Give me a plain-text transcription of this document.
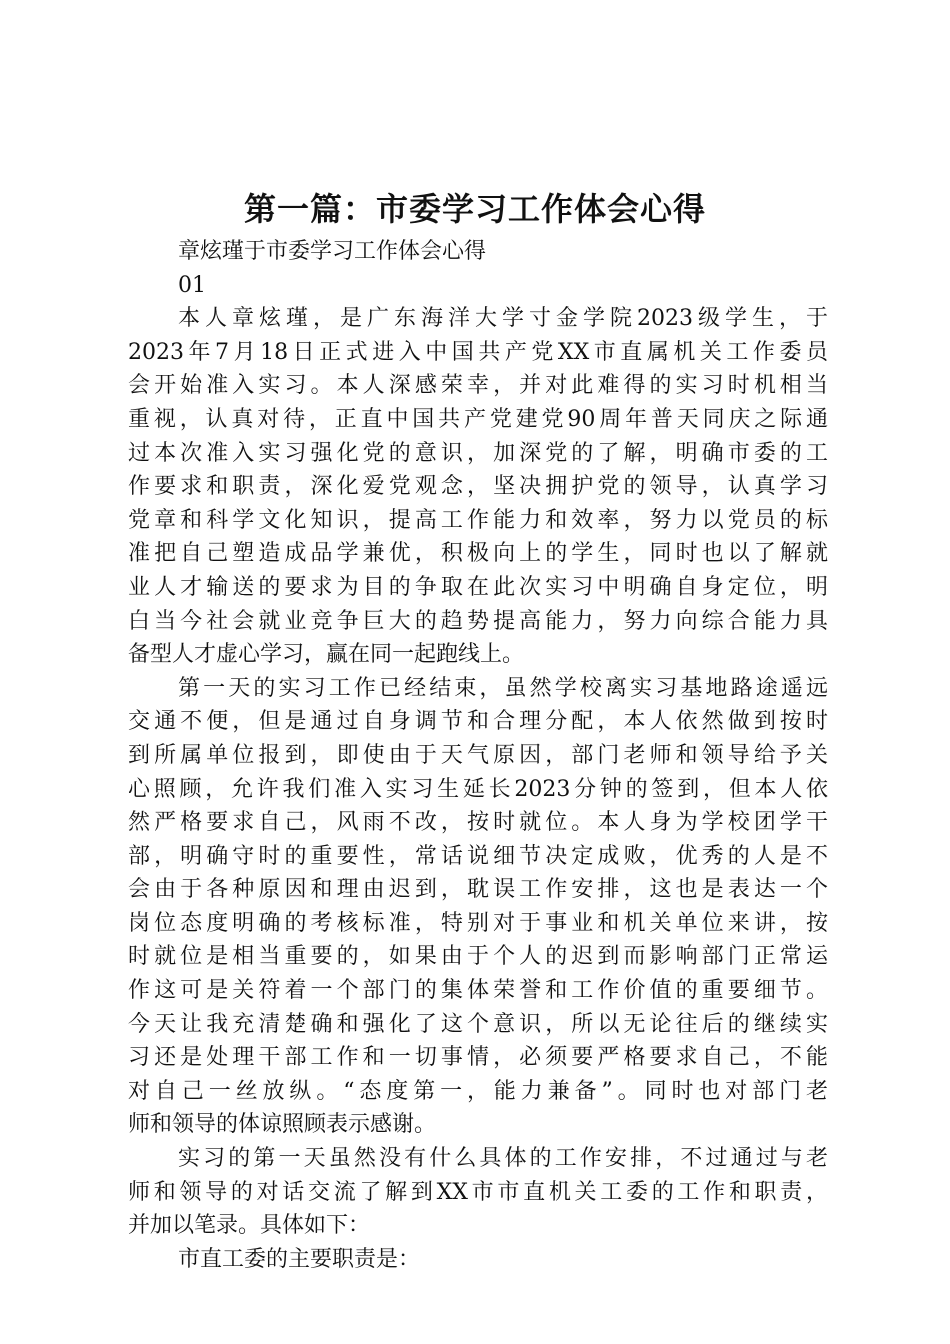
第一篇：市委学习工作体会心得
章炫瑾于市委学习工作体会心得
01
本人章炫瑾，是广东海洋大学寸金学院2023级学生，于
2023年7月18日正式进入中国共产党XX市直属机关工作委员
会开始准入实习。本人深感荣幸，并对此难得的实习时机相当
重视，认真对待，正直中国共产党建党90周年普天同庆之际通
过本次准入实习强化党的意识，加深党的了解，明确市委的工
作要求和职责，深化爱党观念，坚决拥护党的领导，认真学习
党章和科学文化知识，提高工作能力和效率，努力以党员的标
准把自己塑造成品学兼优，积极向上的学生，同时也以了解就
业人才输送的要求为目的争取在此次实习中明确自身定位，明
白当今社会就业竞争巨大的趋势提高能力，努力向综合能力具
备型人才虚心学习，赢在同一起跑线上。
第一天的实习工作已经结束，虽然学校离实习基地路途遥远
交通不便，但是通过自身调节和合理分配，本人依然做到按时
到所属单位报到，即使由于天气原因，部门老师和领导给予关
心照顾，允许我们准入实习生延长2023分钟的签到，但本人依
然严格要求自己，风雨不改，按时就位。本人身为学校团学干
部，明确守时的重要性，常话说细节决定成败，优秀的人是不
会由于各种原因和理由迟到，耽误工作安排，这也是表达一个
岗位态度明确的考核标准，特别对于事业和机关单位来讲，按
时就位是相当重要的，如果由于个人的迟到而影响部门正常运
作这可是关符着一个部门的集体荣誉和工作价值的重要细节。
今天让我充清楚确和强化了这个意识，所以无论往后的继续实
习还是处理干部工作和一切事情，必须要严格要求自己，不能
对自己一丝放纵。“态度第一，能力兼备”。同时也对部门老
师和领导的体谅照顾表示感谢。
实习的第一天虽然没有什么具体的工作安排，不过通过与老
师和领导的对话交流了解到XX市市直机关工委的工作和职责，
并加以笔录。具体如下：
市直工委的主要职责是：
